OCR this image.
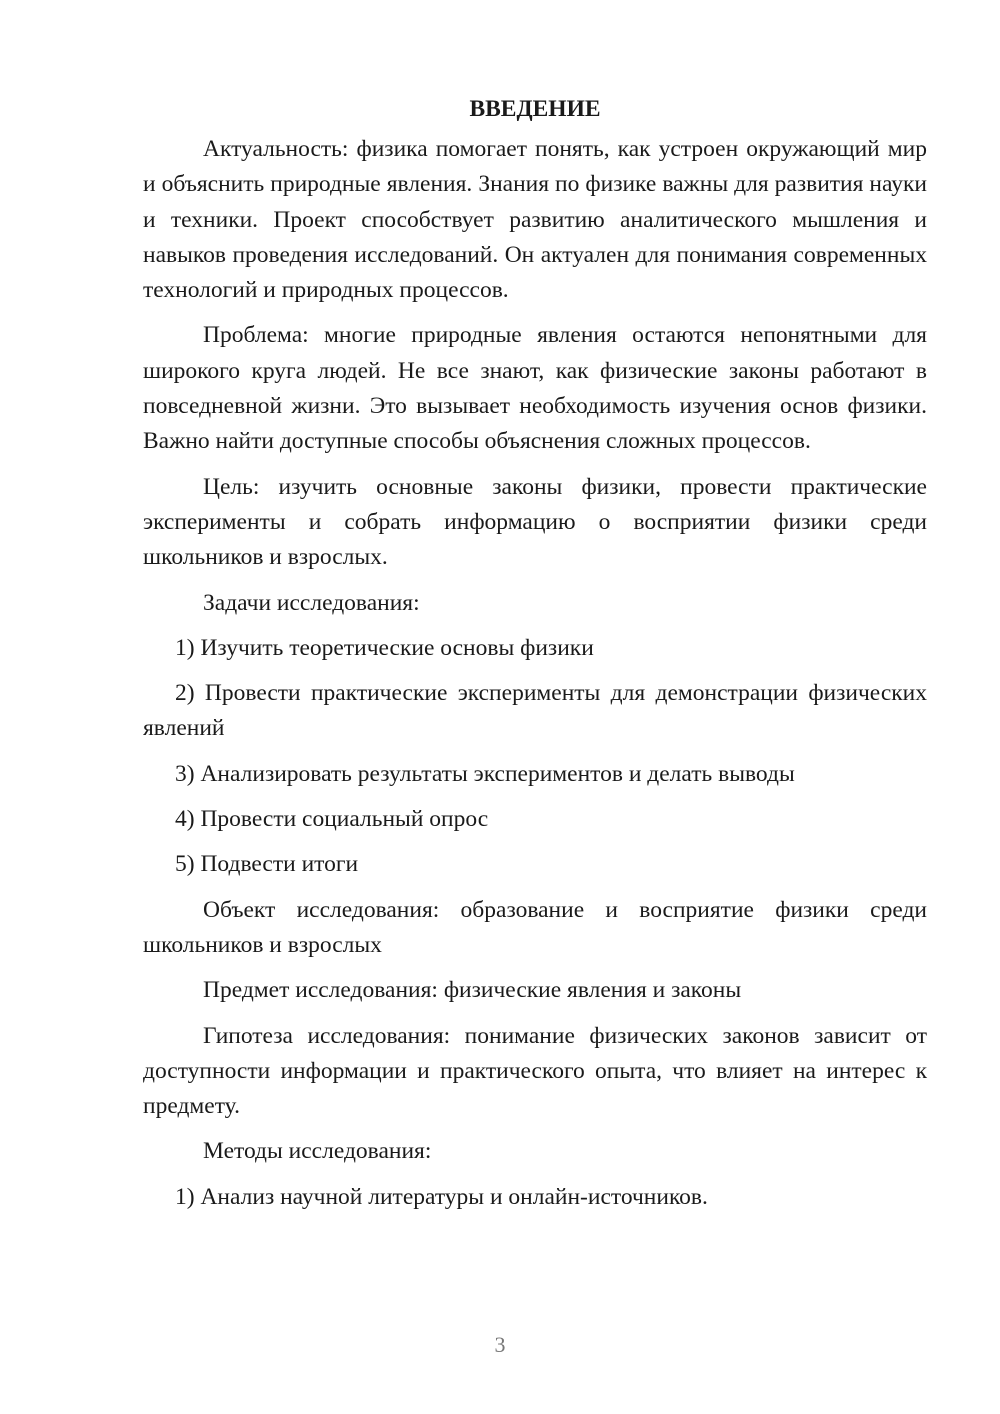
ВВЕДЕНИЕ

Актуальность: физика помогает понять, как устроен окружающий мир и объяснить природные явления. Знания по физике важны для развития науки и техники. Проект способствует развитию аналитического мышления и навыков проведения исследований. Он актуален для понимания современных технологий и природных процессов.

Проблема: многие природные явления остаются непонятными для широкого круга людей. Не все знают, как физические законы работают в повседневной жизни. Это вызывает необходимость изучения основ физики. Важно найти доступные способы объяснения сложных процессов.

Цель: изучить основные законы физики, провести практические эксперименты и собрать информацию о восприятии физики среди школьников и взрослых.

Задачи исследования:

1) Изучить теоретические основы физики

2) Провести практические эксперименты для демонстрации физических явлений

3) Анализировать результаты экспериментов и делать выводы

4) Провести социальный опрос

5) Подвести итоги

Объект исследования: образование и восприятие физики среди школьников и взрослых

Предмет исследования: физические явления и законы

Гипотеза исследования: понимание физических законов зависит от доступности информации и практического опыта, что влияет на интерес к предмету.

Методы исследования:

1) Анализ научной литературы и онлайн-источников.

3
